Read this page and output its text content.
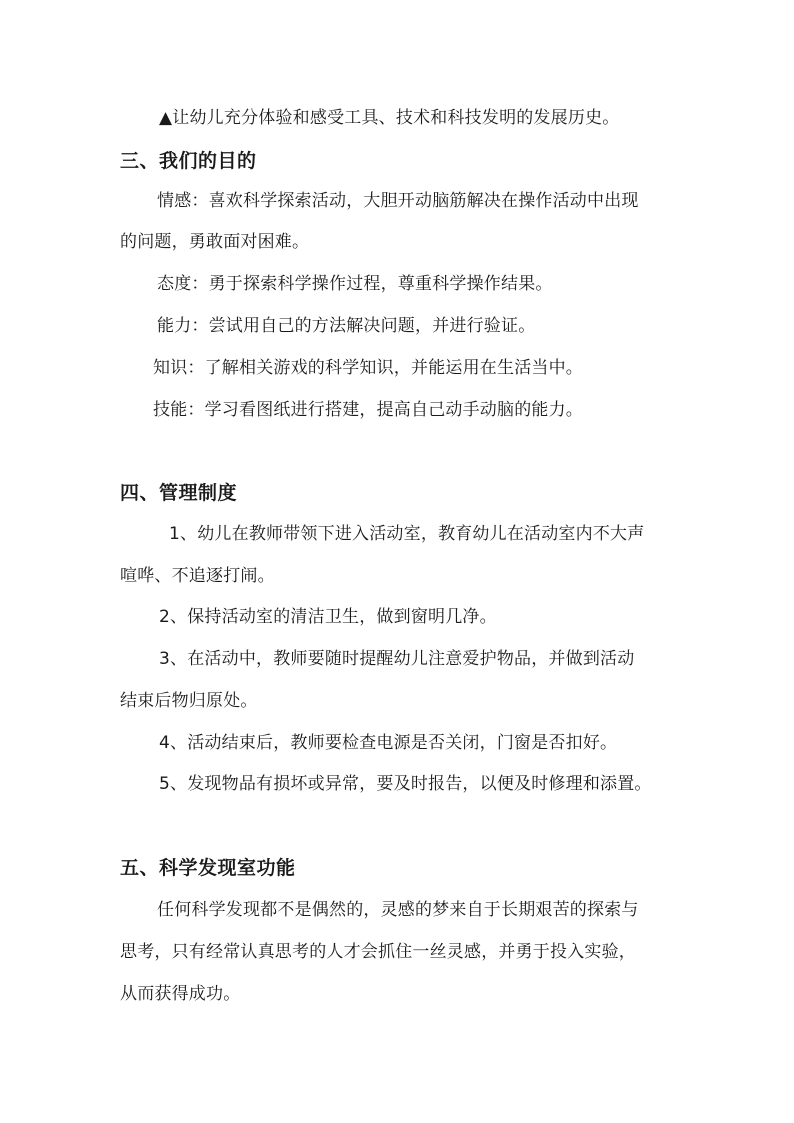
▲让幼儿充分体验和感受工具、技术和科技发明的发展历史。
三、我们的目的
情感：喜欢科学探索活动，大胆开动脑筋解决在操作活动中出现
的问题，勇敢面对困难。
态度：勇于探索科学操作过程，尊重科学操作结果。
能力：尝试用自己的方法解决问题，并进行验证。
知识：了解相关游戏的科学知识，并能运用在生活当中。
技能：学习看图纸进行搭建，提高自己动手动脑的能力。
四、管理制度
1、幼儿在教师带领下进入活动室，教育幼儿在活动室内不大声
喧哗、不追逐打闹。
2、保持活动室的清洁卫生，做到窗明几净。
3、在活动中，教师要随时提醒幼儿注意爱护物品，并做到活动
结束后物归原处。
4、活动结束后，教师要检查电源是否关闭，门窗是否扣好。
5、发现物品有损坏或异常，要及时报告，以便及时修理和添置。
五、科学发现室功能
任何科学发现都不是偶然的，灵感的梦来自于长期艰苦的探索与
思考，只有经常认真思考的人才会抓住一丝灵感，并勇于投入实验，
从而获得成功。
